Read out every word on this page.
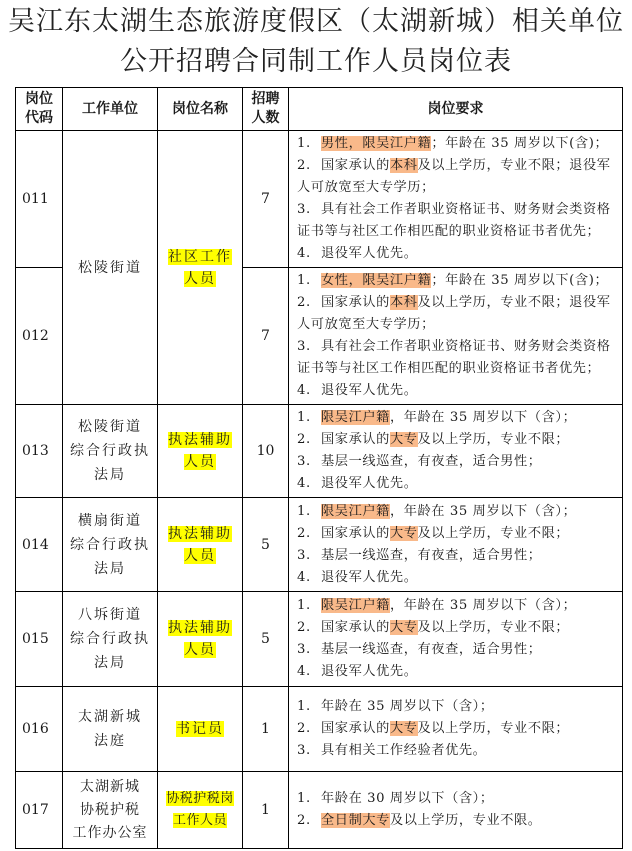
吴江东太湖生态旅游度假区（太湖新城）相关单位
公开招聘合同制工作人员岗位表
岗位
代码	工作单位	岗位名称	招聘
人数	岗位要求
011	松陵街道	社区工作
人员	7	
1. 男性，限吴江户籍；年龄在 35 周岁以下(含)；
2. 国家承认的本科及以上学历，专业不限；退役军
人可放宽至大专学历；
3. 具有社会工作者职业资格证书、财务财会类资格
证书等与社区工作相匹配的职业资格证书者优先；
4. 退役军人优先。

012	7	
1. 女性，限吴江户籍；年龄在 35 周岁以下(含)；
2. 国家承认的本科及以上学历，专业不限；退役军
人可放宽至大专学历；
3. 具有社会工作者职业资格证书、财务财会类资格
证书等与社区工作相匹配的职业资格证书者优先；
4. 退役军人优先。

013	松陵街道
综合行政执
法局	执法辅助
人员	10	
1. 限吴江户籍，年龄在 35 周岁以下（含）；
2. 国家承认的大专及以上学历，专业不限；
3. 基层一线巡查，有夜查，适合男性；
4. 退役军人优先。

014	横扇街道
综合行政执
法局	执法辅助
人员	5	
1. 限吴江户籍，年龄在 35 周岁以下（含）；
2. 国家承认的大专及以上学历，专业不限；
3. 基层一线巡查，有夜查，适合男性；
4. 退役军人优先。

015	八坼街道
综合行政执
法局	执法辅助
人员	5	
1. 限吴江户籍，年龄在 35 周岁以下（含）；
2. 国家承认的大专及以上学历，专业不限；
3. 基层一线巡查，有夜查，适合男性；
4. 退役军人优先。

016	太湖新城
法庭	书记员	1	
1. 年龄在 35 周岁以下（含）；
2. 国家承认的大专及以上学历，专业不限；
3. 具有相关工作经验者优先。

017	太湖新城
协税护税
工作办公室	协税护税岗
工作人员	1	
1. 年龄在 30 周岁以下（含）；
2. 全日制大专及以上学历，专业不限。
